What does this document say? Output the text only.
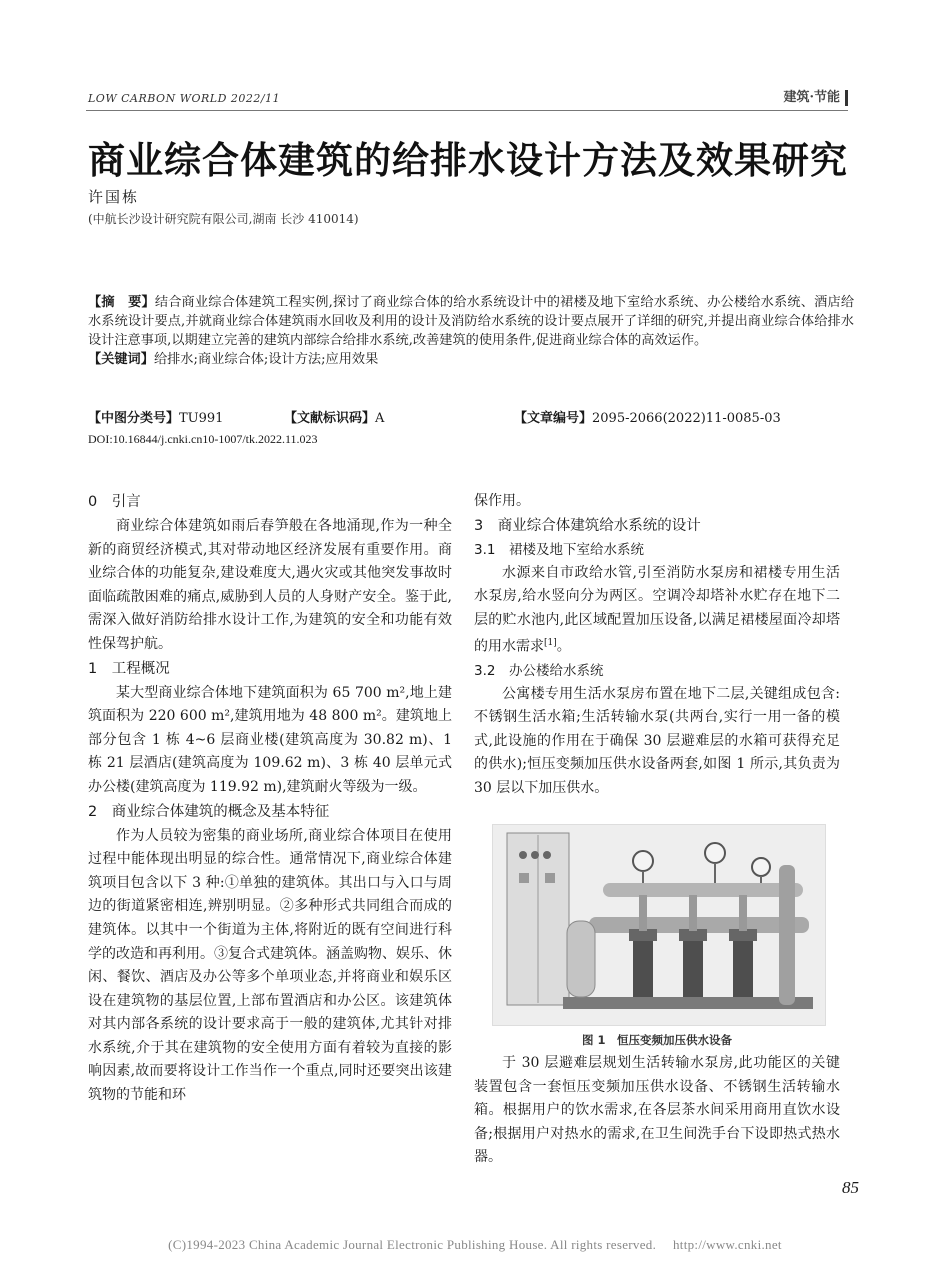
LOW CARBON WORLD 2022/11	建筑·节能
商业综合体建筑的给排水设计方法及效果研究
许国栋
(中航长沙设计研究院有限公司,湖南 长沙 410014)
【摘　要】结合商业综合体建筑工程实例,探讨了商业综合体的给水系统设计中的裙楼及地下室给水系统、办公楼给水系统、酒店给水系统设计要点,并就商业综合体建筑雨水回收及利用的设计及消防给水系统的设计要点展开了详细的研究,并提出商业综合体给排水设计注意事项,以期建立完善的建筑内部综合给排水系统,改善建筑的使用条件,促进商业综合体的高效运作。
【关键词】给排水;商业综合体;设计方法;应用效果
【中图分类号】TU991	【文献标识码】A	【文章编号】2095-2066(2022)11-0085-03
DOI:10.16844/j.cnki.cn10-1007/tk.2022.11.023
0　引言

商业综合体建筑如雨后春笋般在各地涌现,作为一种全新的商贸经济模式,其对带动地区经济发展有重要作用。商业综合体的功能复杂,建设难度大,遇火灾或其他突发事故时面临疏散困难的痛点,威胁到人员的人身财产安全。鉴于此,需深入做好消防给排水设计工作,为建筑的安全和功能有效性保驾护航。

1　工程概况

某大型商业综合体地下建筑面积为 65 700 m²,地上建筑面积为 220 600 m²,建筑用地为 48 800 m²。建筑地上部分包含 1 栋 4~6 层商业楼(建筑高度为 30.82 m)、1 栋 21 层酒店(建筑高度为 109.62 m)、3 栋 40 层单元式办公楼(建筑高度为 119.92 m),建筑耐火等级为一级。

2　商业综合体建筑的概念及基本特征

作为人员较为密集的商业场所,商业综合体项目在使用过程中能体现出明显的综合性。通常情况下,商业综合体建筑项目包含以下 3 种:①单独的建筑体。其出口与入口与周边的街道紧密相连,辨别明显。②多种形式共同组合而成的建筑体。以其中一个街道为主体,将附近的既有空间进行科学的改造和再利用。③复合式建筑体。涵盖购物、娱乐、休闲、餐饮、酒店及办公等多个单项业态,并将商业和娱乐区设在建筑物的基层位置,上部布置酒店和办公区。该建筑体对其内部各系统的设计要求高于一般的建筑体,尤其针对排水系统,介于其在建筑物的安全使用方面有着较为直接的影响因素,故而要将设计工作当作一个重点,同时还要突出该建筑物的节能和环

保作用。
3　商业综合体建筑给水系统的设计
3.1　裙楼及地下室给水系统

水源来自市政给水管,引至消防水泵房和裙楼专用生活水泵房,给水竖向分为两区。空调冷却塔补水贮存在地下二层的贮水池内,此区域配置加压设备,以满足裙楼屋面冷却塔的用水需求[1]。

3.2　办公楼给水系统

公寓楼专用生活水泵房布置在地下二层,关键组成包含:不锈钢生活水箱;生活转输水泵(共两台,实行一用一备的模式,此设施的作用在于确保 30 层避难层的水箱可获得充足的供水);恒压变频加压供水设备两套,如图 1 所示,其负责为 30 层以下加压供水。

图 1　恒压变频加压供水设备

于 30 层避难层规划生活转输水泵房,此功能区的关键装置包含一套恒压变频加压供水设备、不锈钢生活转输水箱。根据用户的饮水需求,在各层茶水间采用商用直饮水设备;根据用户对热水的需求,在卫生间洗手台下设即热式热水器。

85
(C)1994-2023 China Academic Journal Electronic Publishing House. All rights reserved.　 http://www.cnki.net
